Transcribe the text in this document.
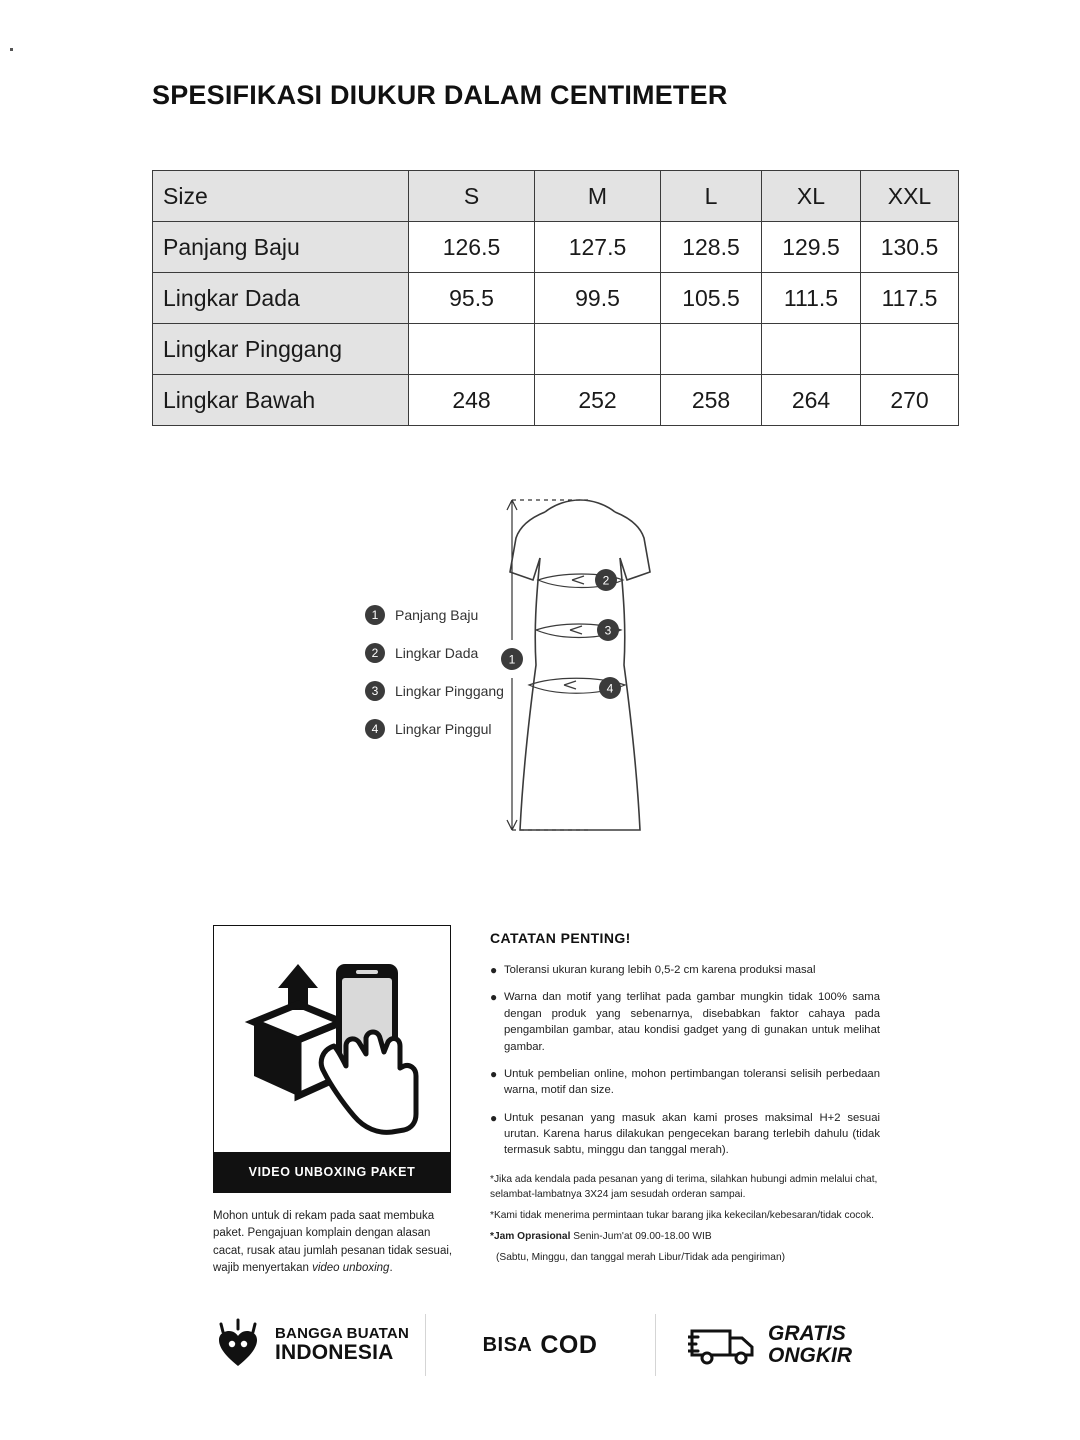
SPESIFIKASI DIUKUR DALAM CENTIMETER
Size	S	M	L	XL	XXL
Panjang Baju	126.5	127.5	128.5	129.5	130.5
Lingkar Dada	95.5	99.5	105.5	111.5	117.5
Lingkar Pinggang					
Lingkar Bawah	248	252	258	264	270
1	Panjang Baju
2	Lingkar Dada
3	Lingkar Pinggang
4	Lingkar Pinggul
1
2
3
4
VIDEO UNBOXING PAKET
Mohon untuk di rekam pada saat membuka paket. Pengajuan komplain dengan alasan cacat, rusak atau jumlah pesanan tidak sesuai, wajib menyertakan video unboxing.
CATATAN PENTING!
● Toleransi ukuran kurang lebih 0,5-2 cm karena produksi masal
● Warna dan motif yang terlihat pada gambar mungkin tidak 100% sama dengan produk yang sebenarnya, disebabkan faktor cahaya pada pengambilan gambar, atau kondisi gadget yang di gunakan untuk melihat gambar.
● Untuk pembelian online, mohon pertimbangan toleransi selisih perbedaan warna, motif dan size.
● Untuk pesanan yang masuk akan kami proses maksimal H+2 sesuai urutan. Karena harus dilakukan pengecekan barang terlebih dahulu (tidak termasuk sabtu, minggu dan tanggal merah).

*Jika ada kendala pada pesanan yang di terima, silahkan hubungi admin melalui chat, selambat-lambatnya 3X24 jam sesudah orderan sampai.

*Kami tidak menerima permintaan tukar barang jika kekecilan/kebesaran/tidak cocok.

*Jam Oprasional Senin-Jum'at 09.00-18.00 WIB

(Sabtu, Minggu, dan tanggal merah Libur/Tidak ada pengiriman)

BANGGA BUATAN
INDONESIA	BISA COD	GRATIS
ONGKIR
